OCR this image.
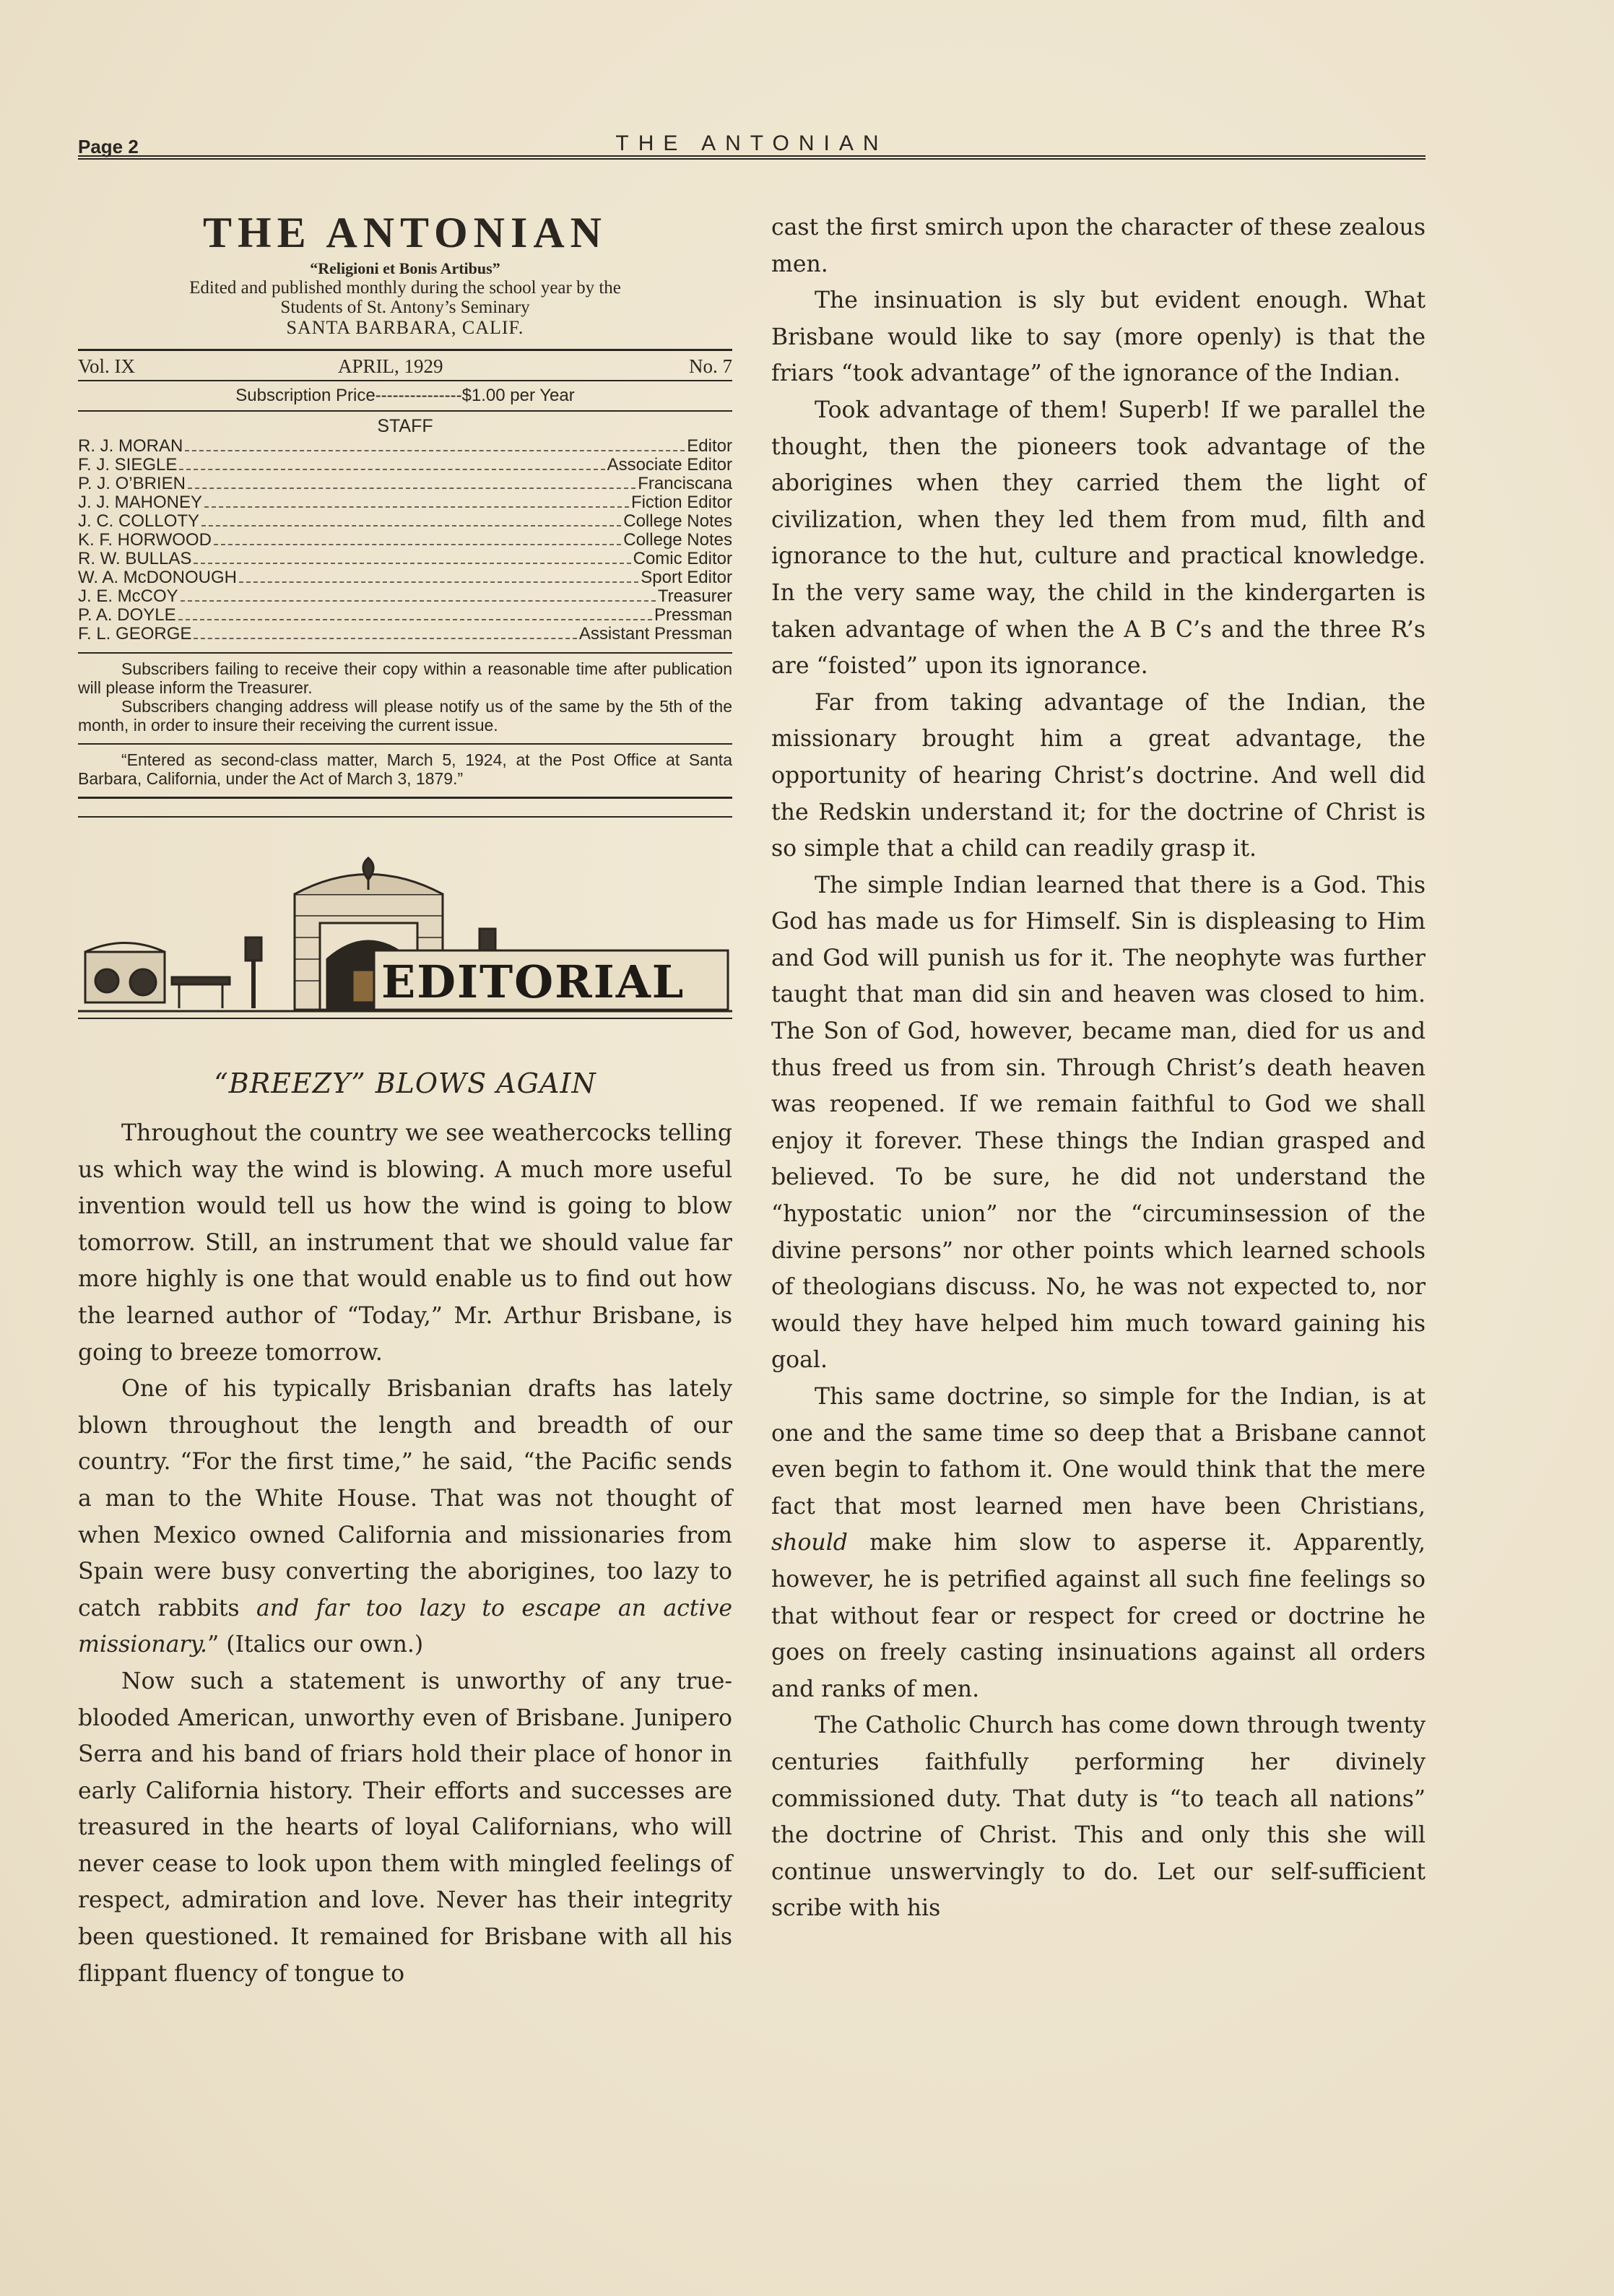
Page 2	THE ANTONIAN
THE ANTONIAN
“Religioni et Bonis Artibus”
Edited and published monthly during the school year by the
Students of St. Antony’s Seminary
SANTA BARBARA, CALIF.
Vol. IX	APRIL, 1929	No. 7
Subscription Price---------------$1.00 per Year
STAFF
R. J. MORAN	Editor
F. J. SIEGLE	Associate Editor
P. J. O’BRIEN	Franciscana
J. J. MAHONEY	Fiction Editor
J. C. COLLOTY	College Notes
K. F. HORWOOD	College Notes
R. W. BULLAS	Comic Editor
W. A. McDONOUGH	Sport Editor
J. E. McCOY	Treasurer
P. A. DOYLE	Pressman
F. L. GEORGE	Assistant Pressman

Subscribers failing to receive their copy within a reasonable time after publication will please inform the Treasurer.

Subscribers changing address will please notify us of the same by the 5th of the month, in order to insure their receiving the current issue.

“Entered as second-class matter, March 5, 1924, at the Post Office at Santa Barbara, California, under the Act of March 3, 1879.”

EDITORIAL
“BREEZY” BLOWS AGAIN

Throughout the country we see weathercocks telling us which way the wind is blowing. A much more useful invention would tell us how the wind is going to blow tomorrow. Still, an instrument that we should value far more highly is one that would enable us to find out how the learned author of “Today,” Mr. Arthur Brisbane, is going to breeze tomorrow.

One of his typically Brisbanian drafts has lately blown throughout the length and breadth of our country. “For the first time,” he said, “the Pacific sends a man to the White House. That was not thought of when Mexico owned California and missionaries from Spain were busy converting the aborigines, too lazy to catch rabbits and far too lazy to escape an active missionary.” (Italics our own.)

Now such a statement is unworthy of any true-blooded American, unworthy even of Brisbane. Junipero Serra and his band of friars hold their place of honor in early California history. Their efforts and successes are treasured in the hearts of loyal Californians, who will never cease to look upon them with mingled feelings of respect, admiration and love. Never has their integrity been questioned. It remained for Brisbane with all his flippant fluency of tongue to

cast the first smirch upon the character of these zealous men.

The insinuation is sly but evident enough. What Brisbane would like to say (more openly) is that the friars “took advantage” of the ignorance of the Indian.

Took advantage of them! Superb! If we parallel the thought, then the pioneers took advantage of the aborigines when they carried them the light of civilization, when they led them from mud, filth and ignorance to the hut, culture and practical knowledge. In the very same way, the child in the kindergarten is taken advantage of when the A B C’s and the three R’s are “foisted” upon its ignorance.

Far from taking advantage of the Indian, the missionary brought him a great advantage, the opportunity of hearing Christ’s doctrine. And well did the Redskin understand it; for the doctrine of Christ is so simple that a child can readily grasp it.

The simple Indian learned that there is a God. This God has made us for Himself. Sin is displeasing to Him and God will punish us for it. The neophyte was further taught that man did sin and heaven was closed to him. The Son of God, however, became man, died for us and thus freed us from sin. Through Christ’s death heaven was reopened. If we remain faithful to God we shall enjoy it forever. These things the Indian grasped and believed. To be sure, he did not understand the “hypostatic union” nor the “circuminsession of the divine persons” nor other points which learned schools of theologians discuss. No, he was not expected to, nor would they have helped him much toward gaining his goal.

This same doctrine, so simple for the Indian, is at one and the same time so deep that a Brisbane cannot even begin to fathom it. One would think that the mere fact that most learned men have been Christians, should make him slow to asperse it. Apparently, however, he is petrified against all such fine feelings so that without fear or respect for creed or doctrine he goes on freely casting insinuations against all orders and ranks of men.

The Catholic Church has come down through twenty centuries faithfully performing her divinely commissioned duty. That duty is “to teach all nations” the doctrine of Christ. This and only this she will continue unswervingly to do. Let our self-sufficient scribe with his
